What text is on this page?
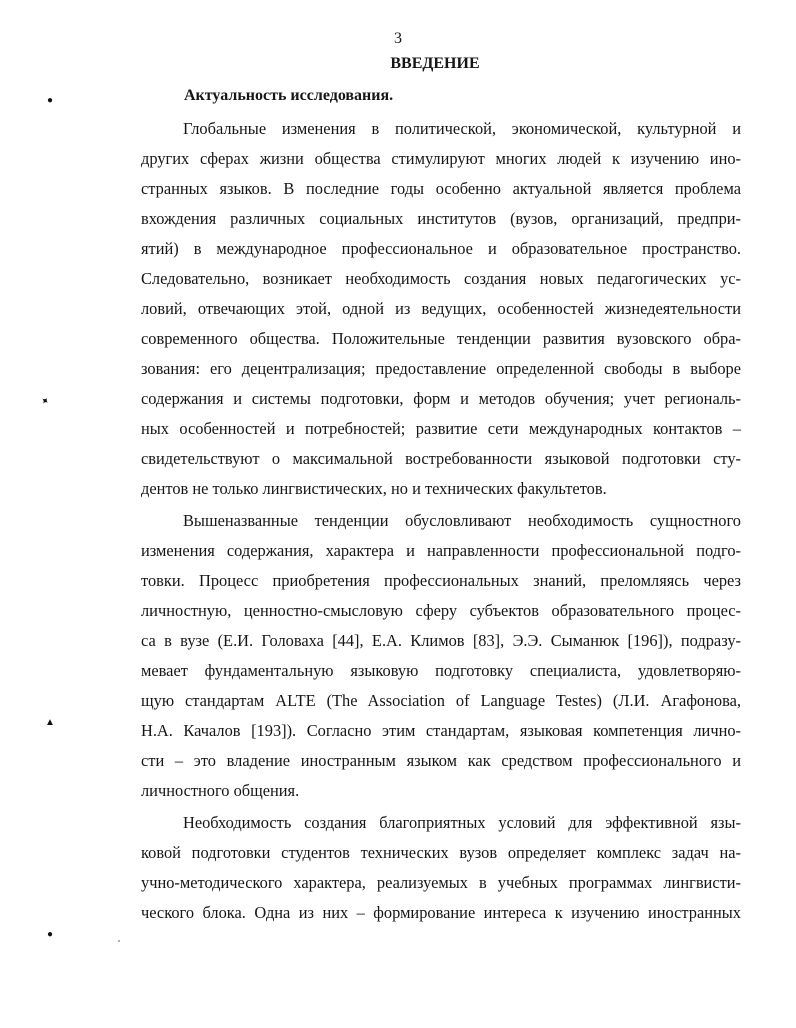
3
ВВЕДЕНИЕ
Актуальность исследования.
Глобальные изменения в политической, экономической, культурной и
других сферах жизни общества стимулируют многих людей к изучению ино-
странных языков. В последние годы особенно актуальной является проблема
вхождения различных социальных институтов (вузов, организаций, предпри-
ятий) в международное профессиональное и образовательное пространство.
Следовательно, возникает необходимость создания новых педагогических ус-
ловий, отвечающих этой, одной из ведущих, особенностей жизнедеятельности
современного общества. Положительные тенденции развития вузовского обра-
зования: его децентрализация; предоставление определенной свободы в выборе
содержания и системы подготовки, форм и методов обучения; учет региональ-
ных особенностей и потребностей; развитие сети международных контактов –
свидетельствуют о максимальной востребованности языковой подготовки сту-
дентов не только лингвистических, но и технических факультетов.
Вышеназванные тенденции обусловливают необходимость сущностного
изменения содержания, характера и направленности профессиональной подго-
товки. Процесс приобретения профессиональных знаний, преломляясь через
личностную, ценностно-смысловую сферу субъектов образовательного процес-
са в вузе (Е.И. Головаха [44], Е.А. Климов [83], Э.Э. Сыманюк [196]), подразу-
мевает фундаментальную языковую подготовку специалиста, удовлетворяю-
щую стандартам ALTE (The Association of Language Testes) (Л.И. Агафонова,
Н.А. Качалов [193]). Согласно этим стандартам, языковая компетенция лично-
сти – это владение иностранным языком как средством профессионального и
личностного общения.
Необходимость создания благоприятных условий для эффективной язы-
ковой подготовки студентов технических вузов определяет комплекс задач на-
учно-методического характера, реализуемых в учебных программах лингвисти-
ческого блока. Одна из них – формирование интереса к изучению иностранных
●
✦
▲
●
